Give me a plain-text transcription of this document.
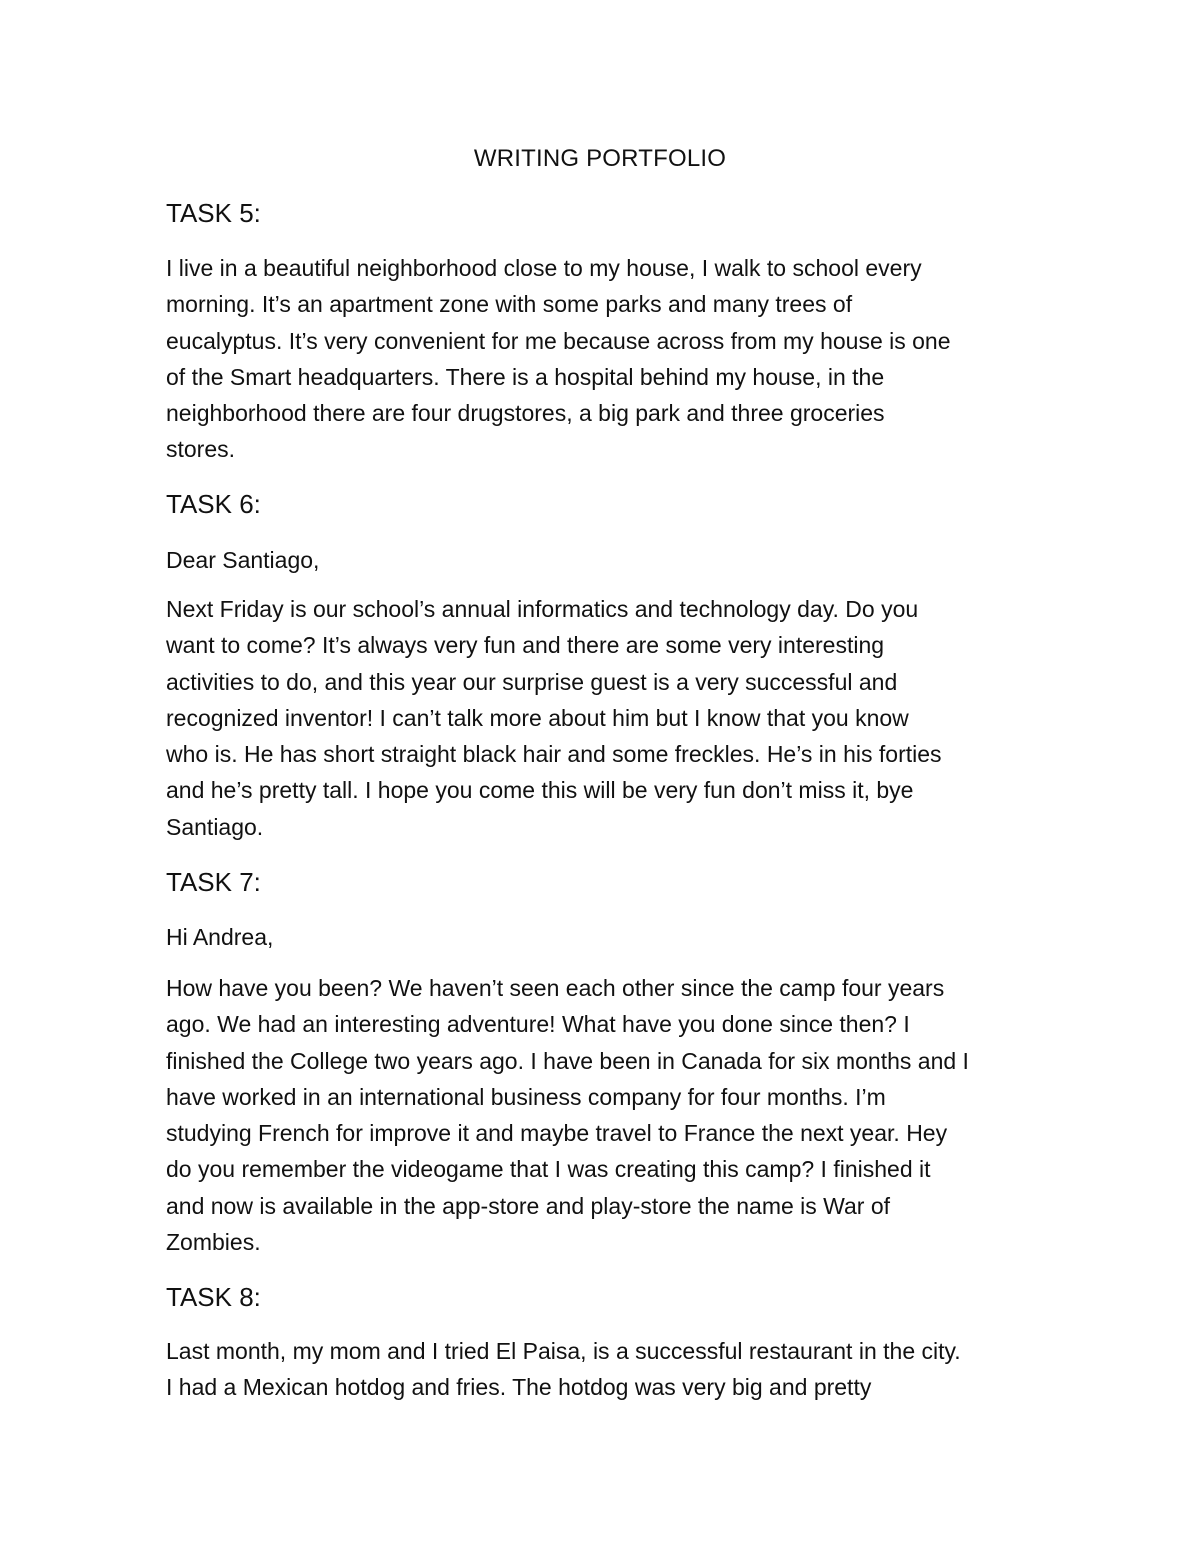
WRITING PORTFOLIO
TASK 5:

I live in a beautiful neighborhood close to my house, I walk to school every
morning. It’s an apartment zone with some parks and many trees of
eucalyptus. It’s very convenient for me because across from my house is one
of the Smart headquarters. There is a hospital behind my house, in the
neighborhood there are four drugstores, a big park and three groceries
stores.

TASK 6:

Dear Santiago,

Next Friday is our school’s annual informatics and technology day. Do you
want to come? It’s always very fun and there are some very interesting
activities to do, and this year our surprise guest is a very successful and
recognized inventor! I can’t talk more about him but I know that you know
who is. He has short straight black hair and some freckles. He’s in his forties
and he’s pretty tall. I hope you come this will be very fun don’t miss it, bye
Santiago.

TASK 7:

Hi Andrea,

How have you been? We haven’t seen each other since the camp four years
ago. We had an interesting adventure! What have you done since then? I
finished the College two years ago. I have been in Canada for six months and I
have worked in an international business company for four months. I’m
studying French for improve it and maybe travel to France the next year. Hey
do you remember the videogame that I was creating this camp? I finished it
and now is available in the app-store and play-store the name is War of
Zombies.

TASK 8:

Last month, my mom and I tried El Paisa, is a successful restaurant in the city.
I had a Mexican hotdog and fries. The hotdog was very big and pretty
